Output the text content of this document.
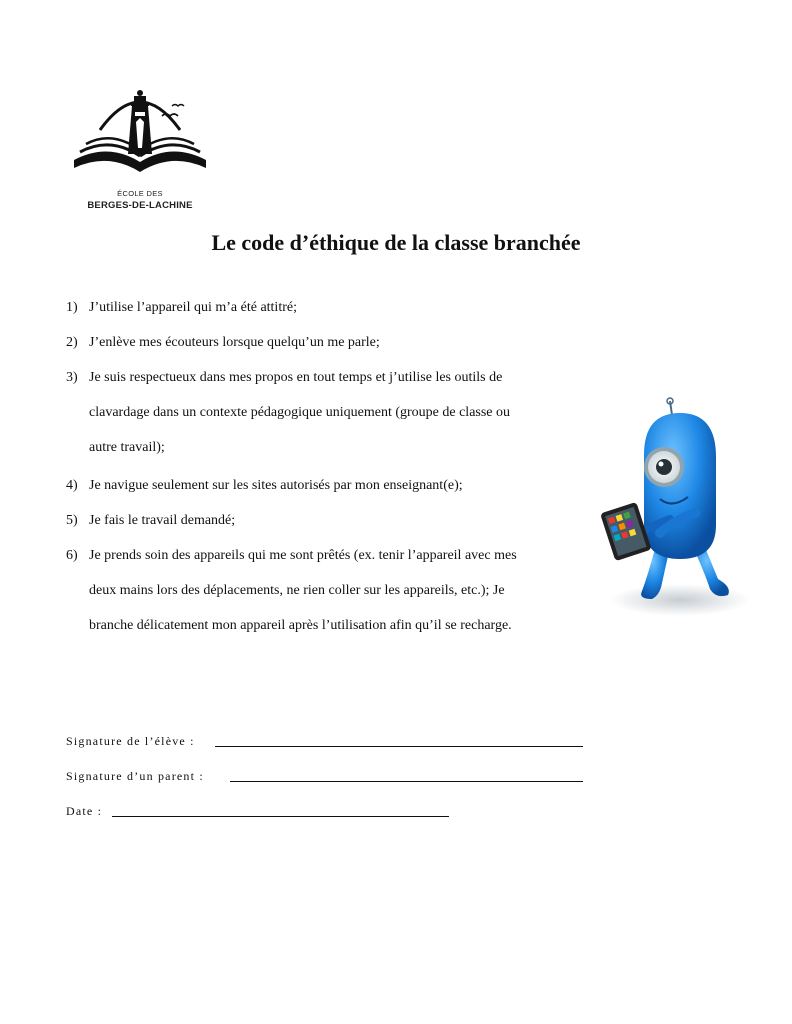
ÉCOLE DES
BERGES-DE-LACHINE
Le code d’éthique de la classe branchée
1) J’utilise l’appareil qui m’a été attitré;
2) J’enlève mes écouteurs lorsque quelqu’un me parle;
3) Je suis respectueux dans mes propos en tout temps et j’utilise les outils de
clavardage dans un contexte pédagogique uniquement (groupe de classe ou
autre travail);
4) Je navigue seulement sur les sites autorisés par mon enseignant(e);
5) Je fais le travail demandé;
6) Je prends soin des appareils qui me sont prêtés (ex. tenir l’appareil avec mes
deux mains lors des déplacements, ne rien coller sur les appareils, etc.); Je
branche délicatement mon appareil après l’utilisation afin qu’il se recharge.
Signature de l’élève :
Signature d’un parent :
Date :
